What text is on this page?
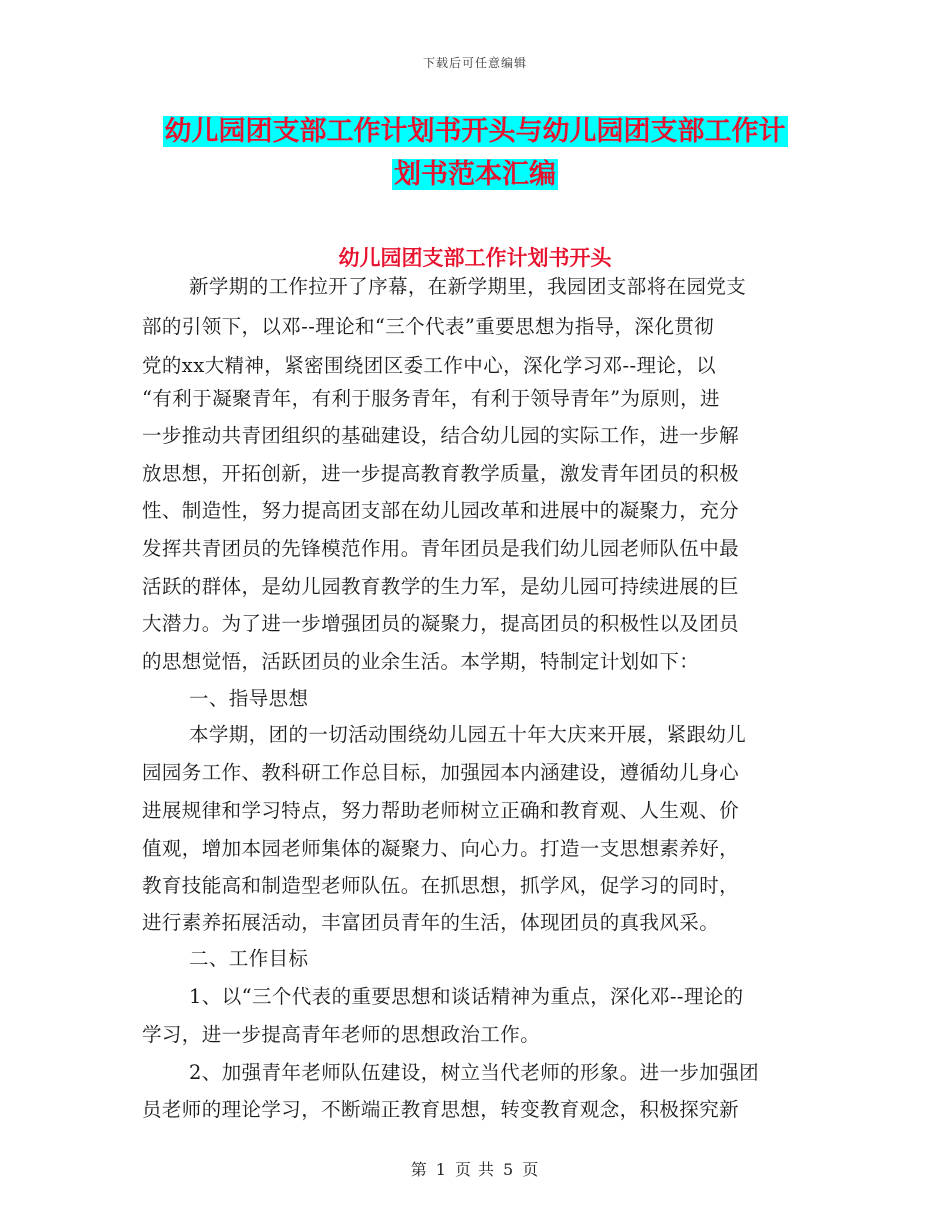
下载后可任意编辑
幼儿园团支部工作计划书开头与幼儿园团支部工作计
划书范本汇编
幼儿园团支部工作计划书开头
新学期的工作拉开了序幕，在新学期里，我园团支部将在园党支
部的引领下，以邓--理论和“三个代表”重要思想为指导，深化贯彻
党的xx大精神，紧密围绕团区委工作中心，深化学习邓--理论，以
“有利于凝聚青年，有利于服务青年，有利于领导青年”为原则，进
一步推动共青团组织的基础建设，结合幼儿园的实际工作，进一步解
放思想，开拓创新，进一步提高教育教学质量，激发青年团员的积极
性、制造性，努力提高团支部在幼儿园改革和进展中的凝聚力，充分
发挥共青团员的先锋模范作用。青年团员是我们幼儿园老师队伍中最
活跃的群体，是幼儿园教育教学的生力军，是幼儿园可持续进展的巨
大潜力。为了进一步增强团员的凝聚力，提高团员的积极性以及团员
的思想觉悟，活跃团员的业余生活。本学期，特制定计划如下：
一、指导思想
本学期，团的一切活动围绕幼儿园五十年大庆来开展，紧跟幼儿
园园务工作、教科研工作总目标，加强园本内涵建设，遵循幼儿身心
进展规律和学习特点，努力帮助老师树立正确和教育观、人生观、价
值观，增加本园老师集体的凝聚力、向心力。打造一支思想素养好，
教育技能高和制造型老师队伍。在抓思想，抓学风，促学习的同时，
进行素养拓展活动，丰富团员青年的生活，体现团员的真我风采。
二、工作目标
1、以“三个代表的重要思想和谈话精神为重点，深化邓--理论的
学习，进一步提高青年老师的思想政治工作。
2、加强青年老师队伍建设，树立当代老师的形象。进一步加强团
员老师的理论学习，不断端正教育思想，转变教育观念，积极探究新
第 1 页 共 5 页
